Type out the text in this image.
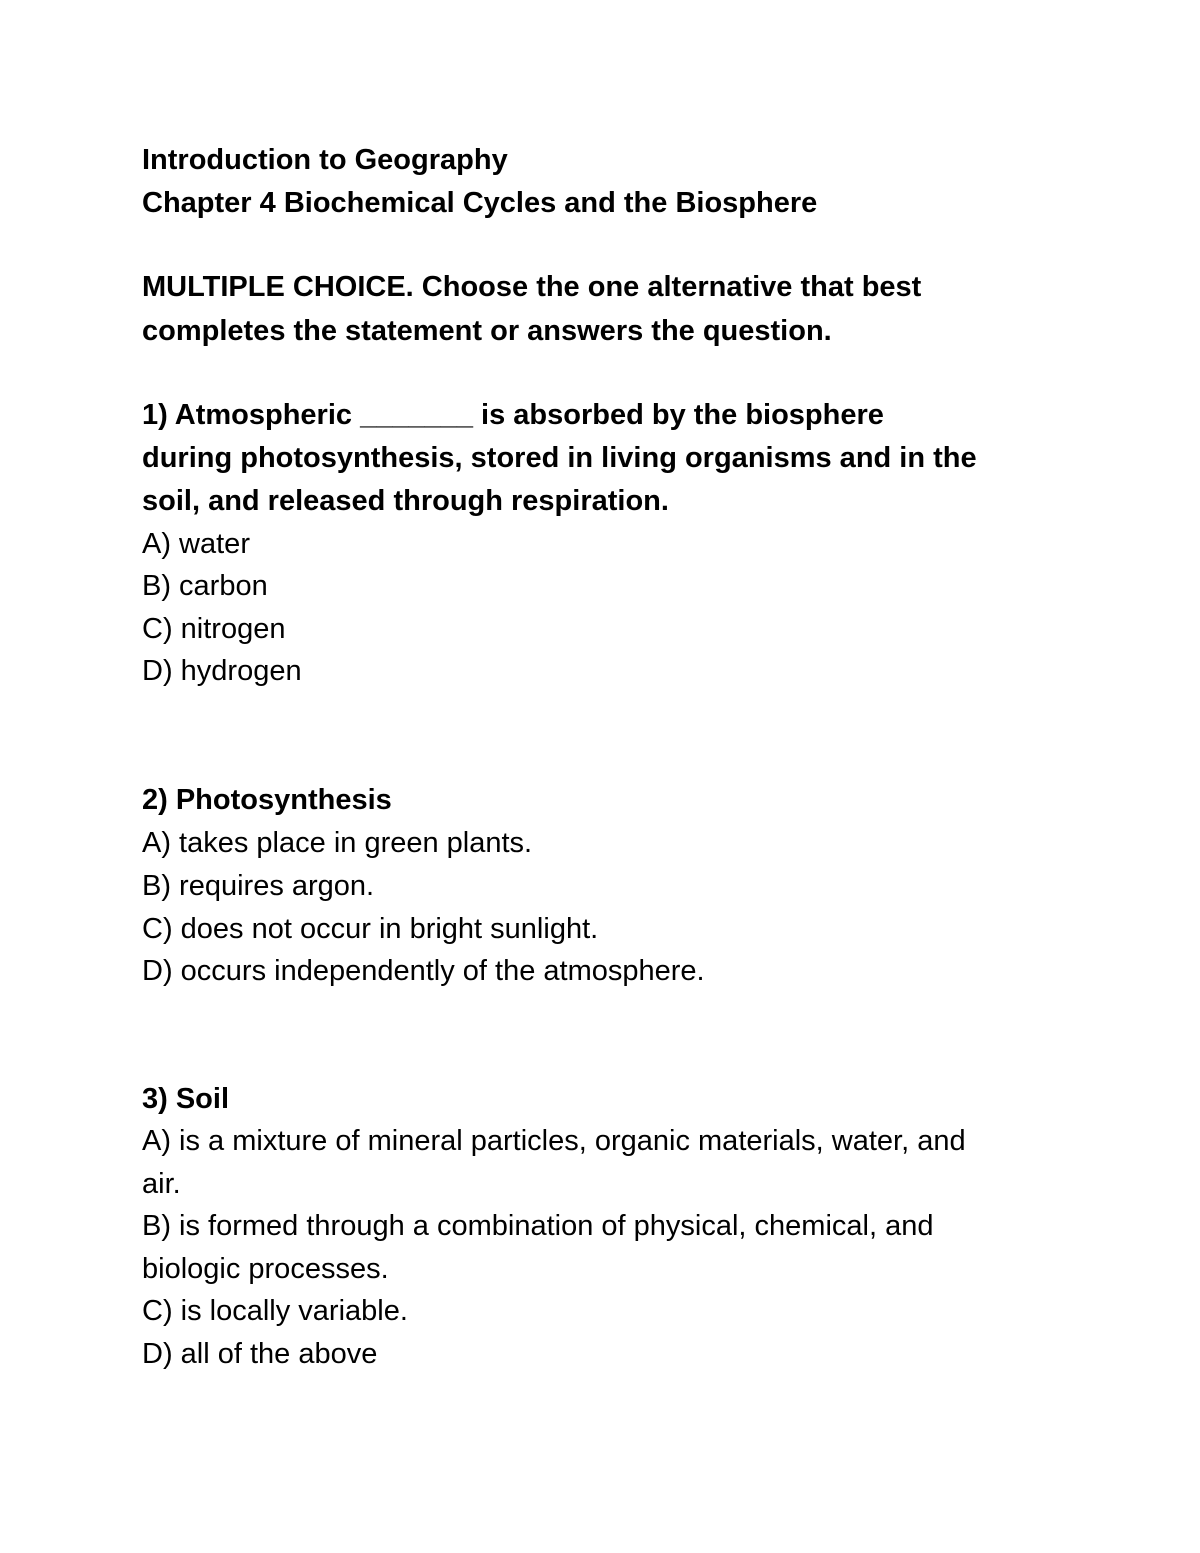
Introduction to Geography
Chapter 4 Biochemical Cycles and the Biosphere
MULTIPLE CHOICE. Choose the one alternative that best
completes the statement or answers the question.
1) Atmospheric _______ is absorbed by the biosphere
during photosynthesis, stored in living organisms and in the
soil, and released through respiration.
A) water
B) carbon
C) nitrogen
D) hydrogen
2) Photosynthesis
A) takes place in green plants.
B) requires argon.
C) does not occur in bright sunlight.
D) occurs independently of the atmosphere.
3) Soil
A) is a mixture of mineral particles, organic materials, water, and
air.
B) is formed through a combination of physical, chemical, and
biologic processes.
C) is locally variable.
D) all of the above
